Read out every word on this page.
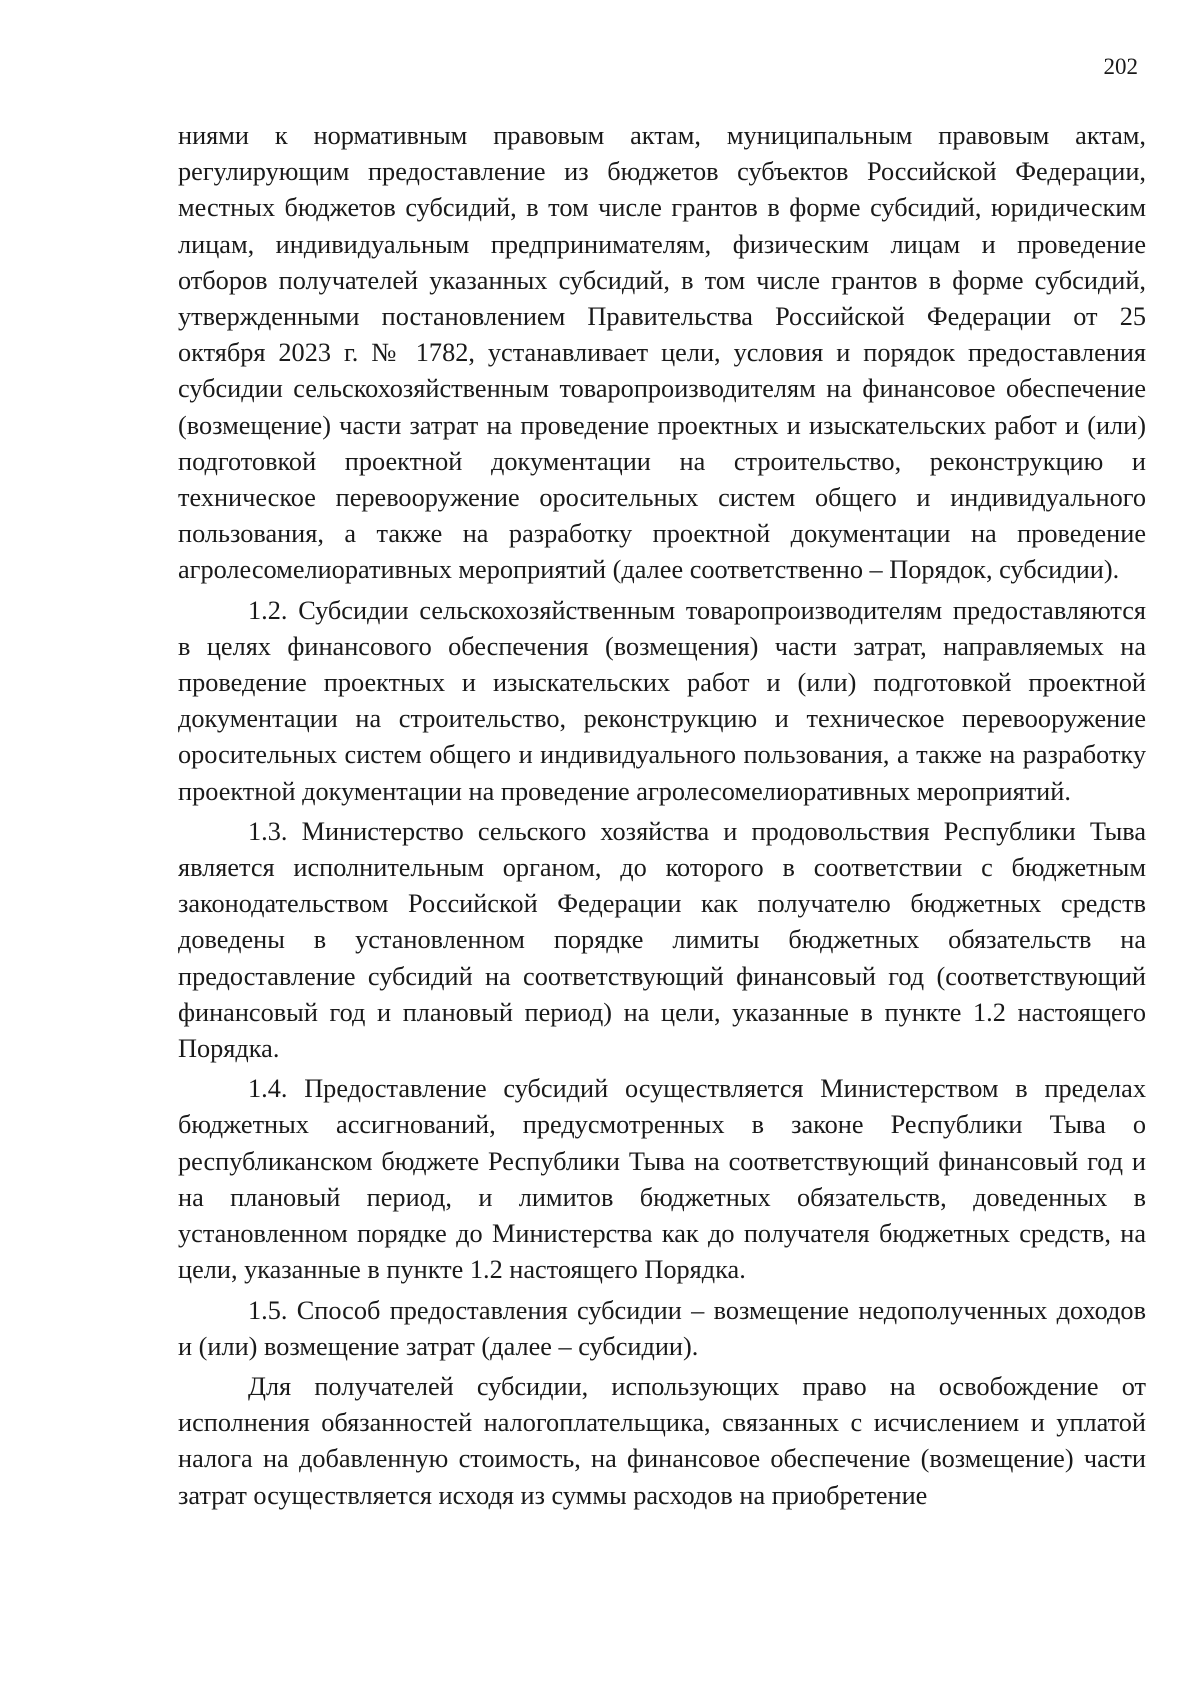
202

ниями к нормативным правовым актам, муниципальным правовым актам, регулирующим предоставление из бюджетов субъектов Российской Федерации, местных бюджетов субсидий, в том числе грантов в форме субсидий, юридическим лицам, индивидуальным предпринимателям, физическим лицам и проведение отборов получателей указанных субсидий, в том числе грантов в форме субсидий, утвержденными постановлением Правительства Российской Федерации от 25 октября 2023 г. № 1782, устанавливает цели, условия и порядок предоставления субсидии сельскохозяйственным товаропроизводителям на финансовое обеспечение (возмещение) части затрат на проведение проектных и изыскательских работ и (или) подготовкой проектной документации на строительство, реконструкцию и техническое перевооружение оросительных систем общего и индивидуального пользования, а также на разработку проектной документации на проведение агролесомелиоративных мероприятий (далее соответственно – Порядок, субсидии).

1.2. Субсидии сельскохозяйственным товаропроизводителям предоставляются в целях финансового обеспечения (возмещения) части затрат, направляемых на проведение проектных и изыскательских работ и (или) подготовкой проектной документации на строительство, реконструкцию и техническое перевооружение оросительных систем общего и индивидуального пользования, а также на разработку проектной документации на проведение агролесомелиоративных мероприятий.

1.3. Министерство сельского хозяйства и продовольствия Республики Тыва является исполнительным органом, до которого в соответствии с бюджетным законодательством Российской Федерации как получателю бюджетных средств доведены в установленном порядке лимиты бюджетных обязательств на предоставление субсидий на соответствующий финансовый год (соответствующий финансовый год и плановый период) на цели, указанные в пункте 1.2 настоящего Порядка.

1.4. Предоставление субсидий осуществляется Министерством в пределах бюджетных ассигнований, предусмотренных в законе Республики Тыва о республиканском бюджете Республики Тыва на соответствующий финансовый год и на плановый период, и лимитов бюджетных обязательств, доведенных в установленном порядке до Министерства как до получателя бюджетных средств, на цели, указанные в пункте 1.2 настоящего Порядка.

1.5. Способ предоставления субсидии – возмещение недополученных доходов и (или) возмещение затрат (далее – субсидии).

Для получателей субсидии, использующих право на освобождение от исполнения обязанностей налогоплательщика, связанных с исчислением и уплатой налога на добавленную стоимость, на финансовое обеспечение (возмещение) части затрат осуществляется исходя из суммы расходов на приобретение
